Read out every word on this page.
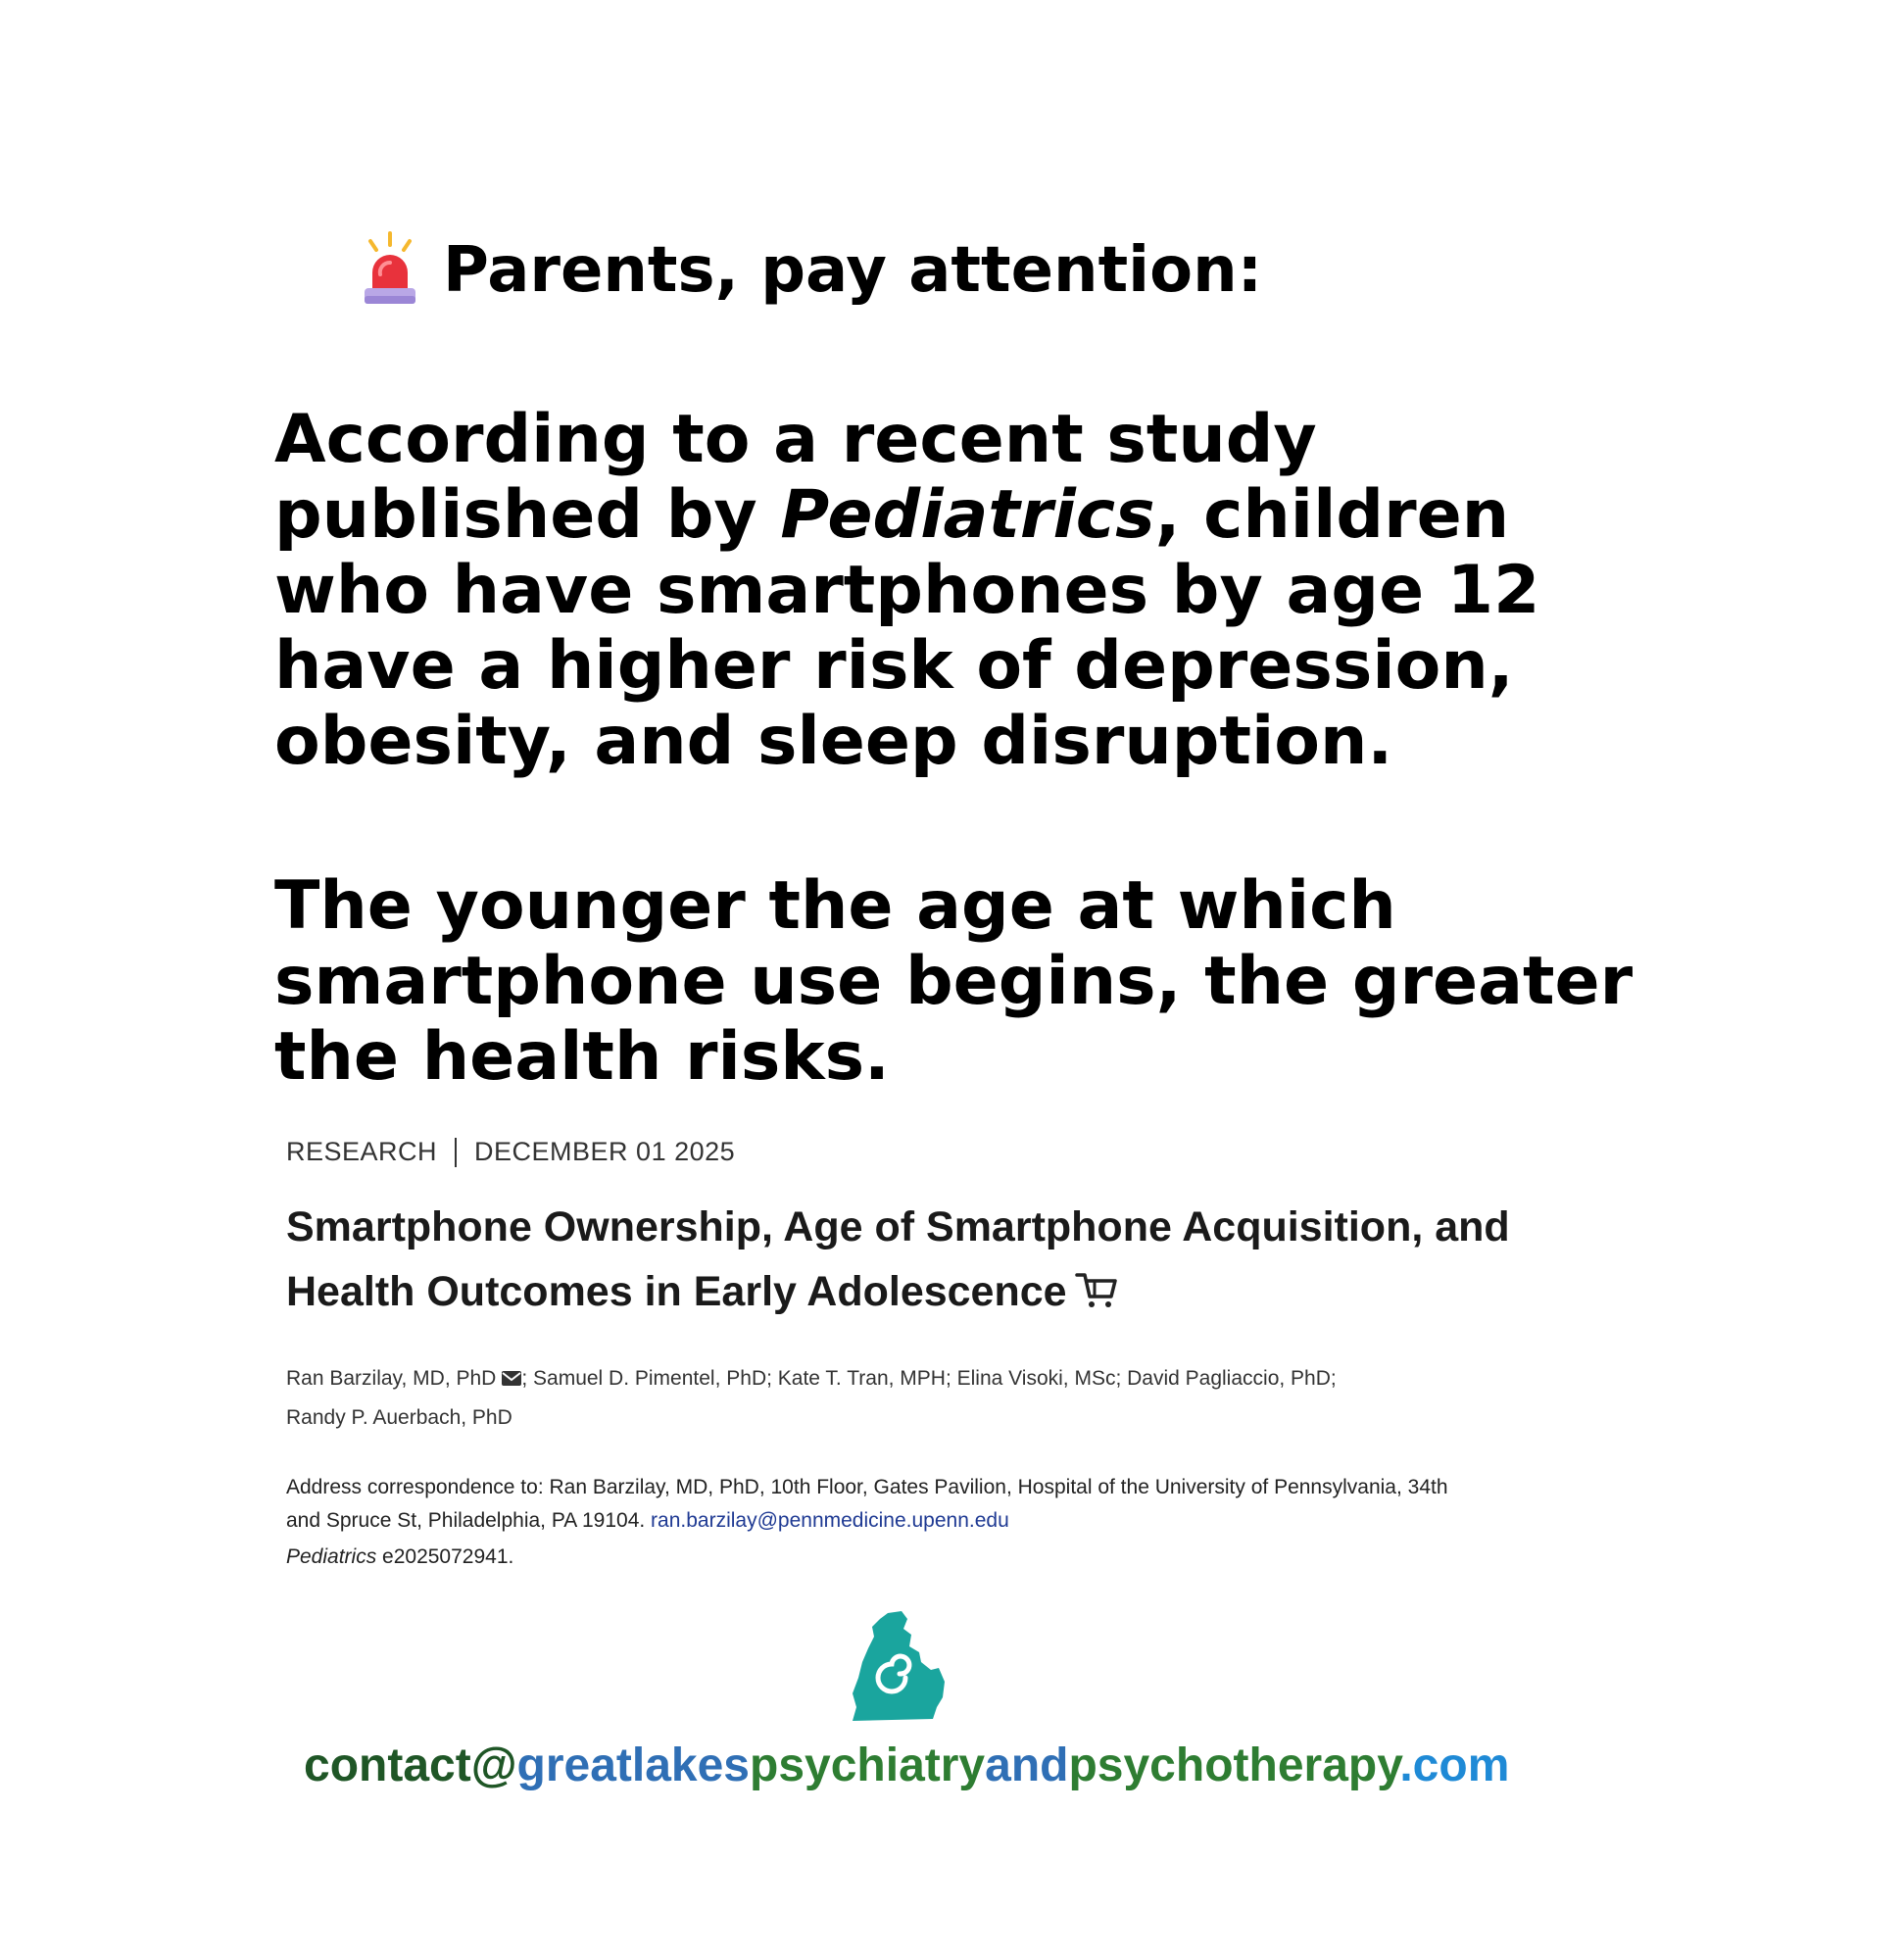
Parents, pay attention:
According to a recent study
published by Pediatrics, children
who have smartphones by age 12
have a higher risk of depression,
obesity, and sleep disruption.
The younger the age at which
smartphone use begins, the greater
the health risks.
RESEARCH DECEMBER 01 2025
Smartphone Ownership, Age of Smartphone Acquisition, and
Health Outcomes in Early Adolescence
Ran Barzilay, MD, PhD ; Samuel D. Pimentel, PhD; Kate T. Tran, MPH; Elina Visoki, MSc; David Pagliaccio, PhD;
Randy P. Auerbach, PhD
Address correspondence to: Ran Barzilay, MD, PhD, 10th Floor, Gates Pavilion, Hospital of the University of Pennsylvania, 34th
and Spruce St, Philadelphia, PA 19104. ran.barzilay@pennmedicine.upenn.edu
Pediatrics e2025072941.
contact@greatlakespsychiatryandpsychotherapy.com
